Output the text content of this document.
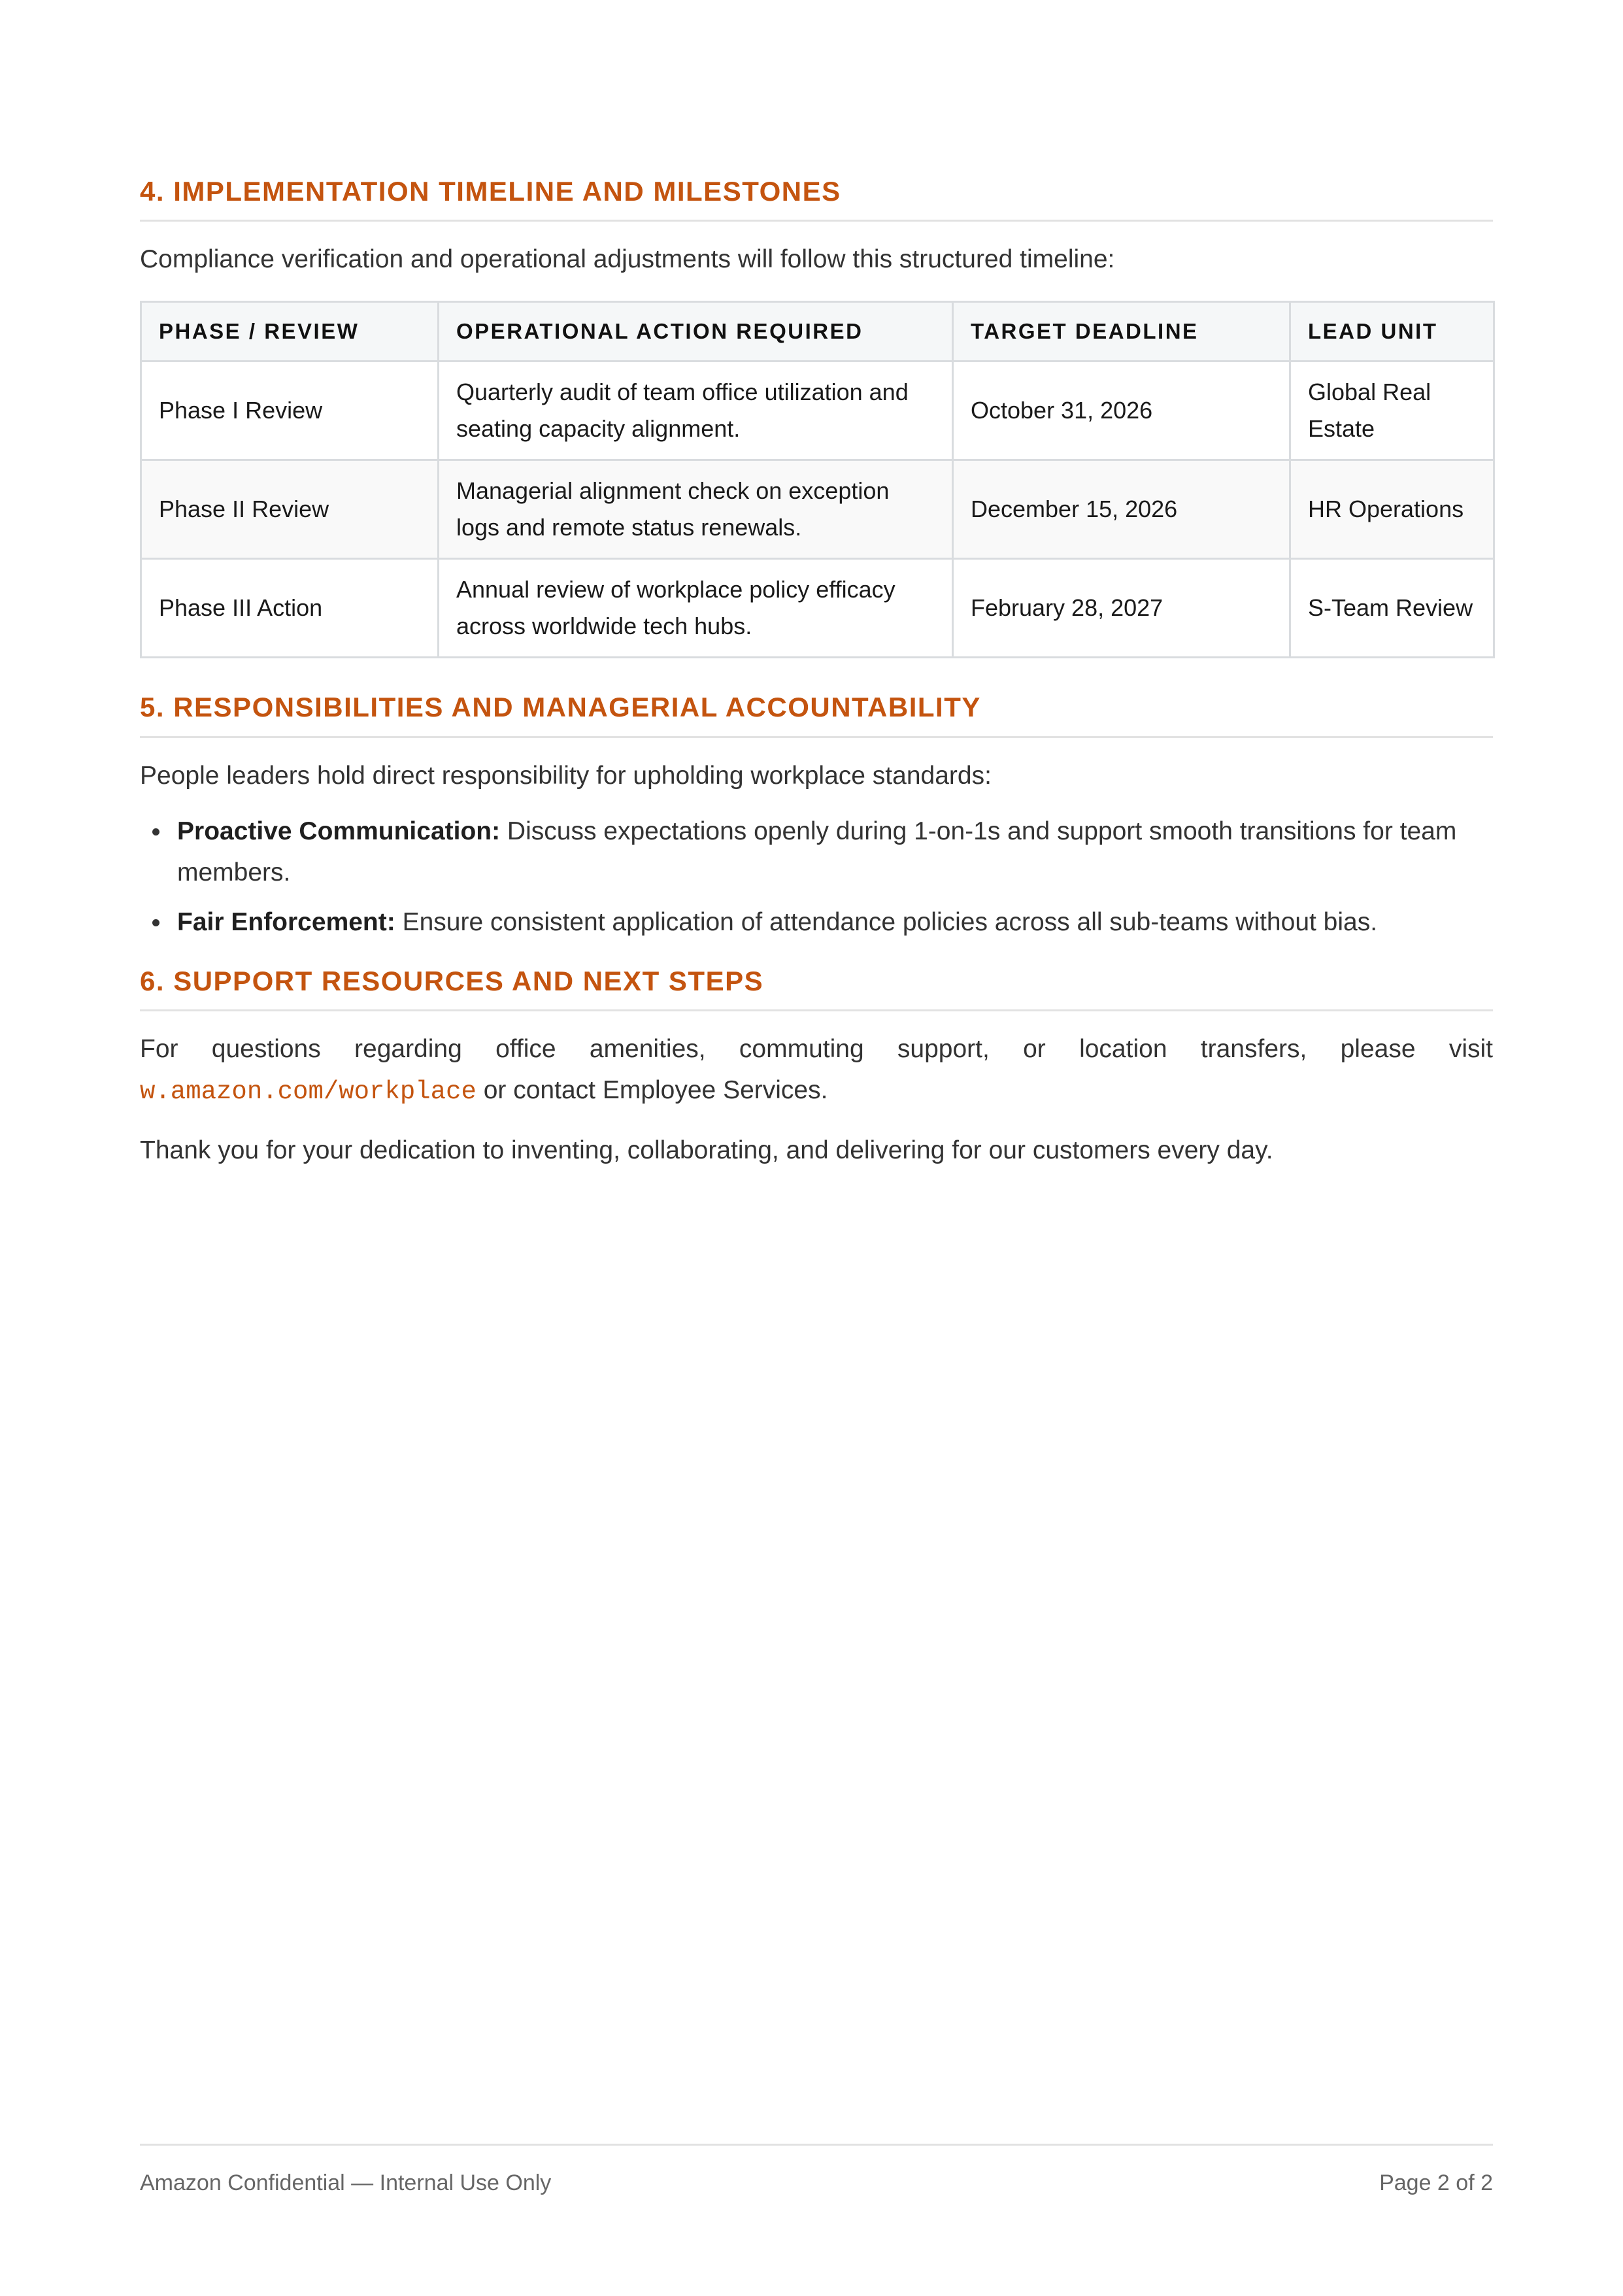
4. IMPLEMENTATION TIMELINE AND MILESTONES

Compliance verification and operational adjustments will follow this structured timeline:

PHASE / REVIEW	OPERATIONAL ACTION REQUIRED	TARGET DEADLINE	LEAD UNIT
Phase I Review	Quarterly audit of team office utilization and seating capacity alignment.	October 31, 2026	Global Real Estate
Phase II Review	Managerial alignment check on exception logs and remote status renewals.	December 15, 2026	HR Operations
Phase III Action	Annual review of workplace policy efficacy across worldwide tech hubs.	February 28, 2027	S-Team Review
5. RESPONSIBILITIES AND MANAGERIAL ACCOUNTABILITY

People leaders hold direct responsibility for upholding workplace standards:

Proactive Communication: Discuss expectations openly during 1-on-1s and support smooth transitions for team members.
Fair Enforcement: Ensure consistent application of attendance policies across all sub-teams without bias.
6. SUPPORT RESOURCES AND NEXT STEPS

For questions regarding office amenities, commuting support, or location transfers, please visit w.amazon.com/workplace or contact Employee Services.

Thank you for your dedication to inventing, collaborating, and delivering for our customers every day.

Amazon Confidential — Internal Use Only	Page 2 of 2
